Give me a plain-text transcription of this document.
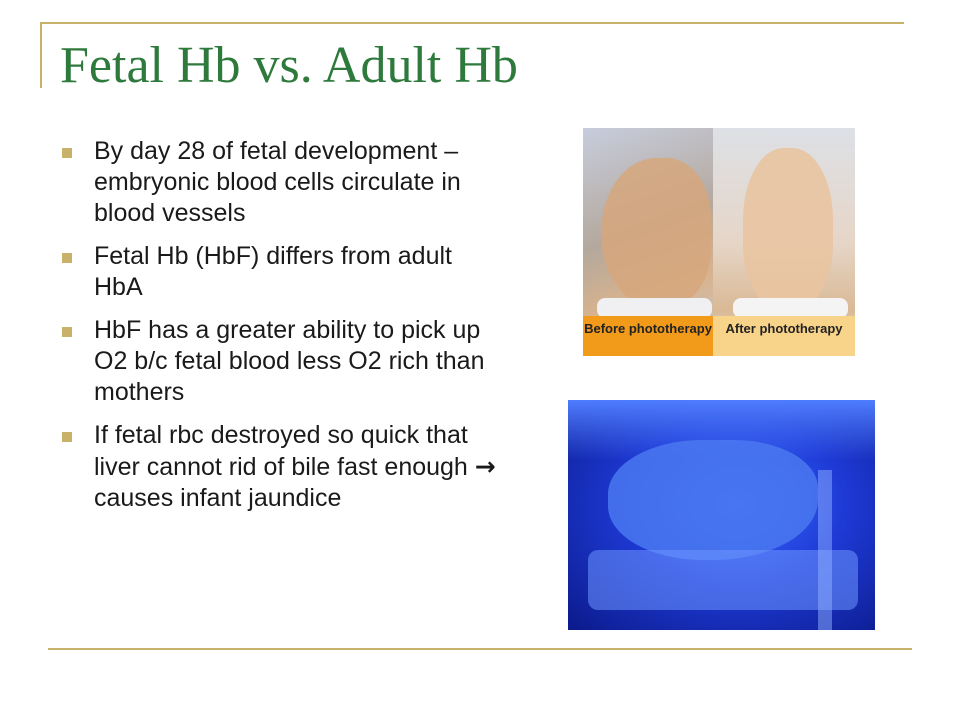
Fetal Hb vs. Adult Hb
By day 28 of fetal development – embryonic blood cells circulate in blood vessels
Fetal Hb (HbF) differs from adult HbA
HbF has a greater ability to pick up O2 b/c fetal blood less O2 rich than mothers
If fetal rbc destroyed so quick that liver cannot rid of bile fast enough → causes infant jaundice
Before phototherapy	After phototherapy
